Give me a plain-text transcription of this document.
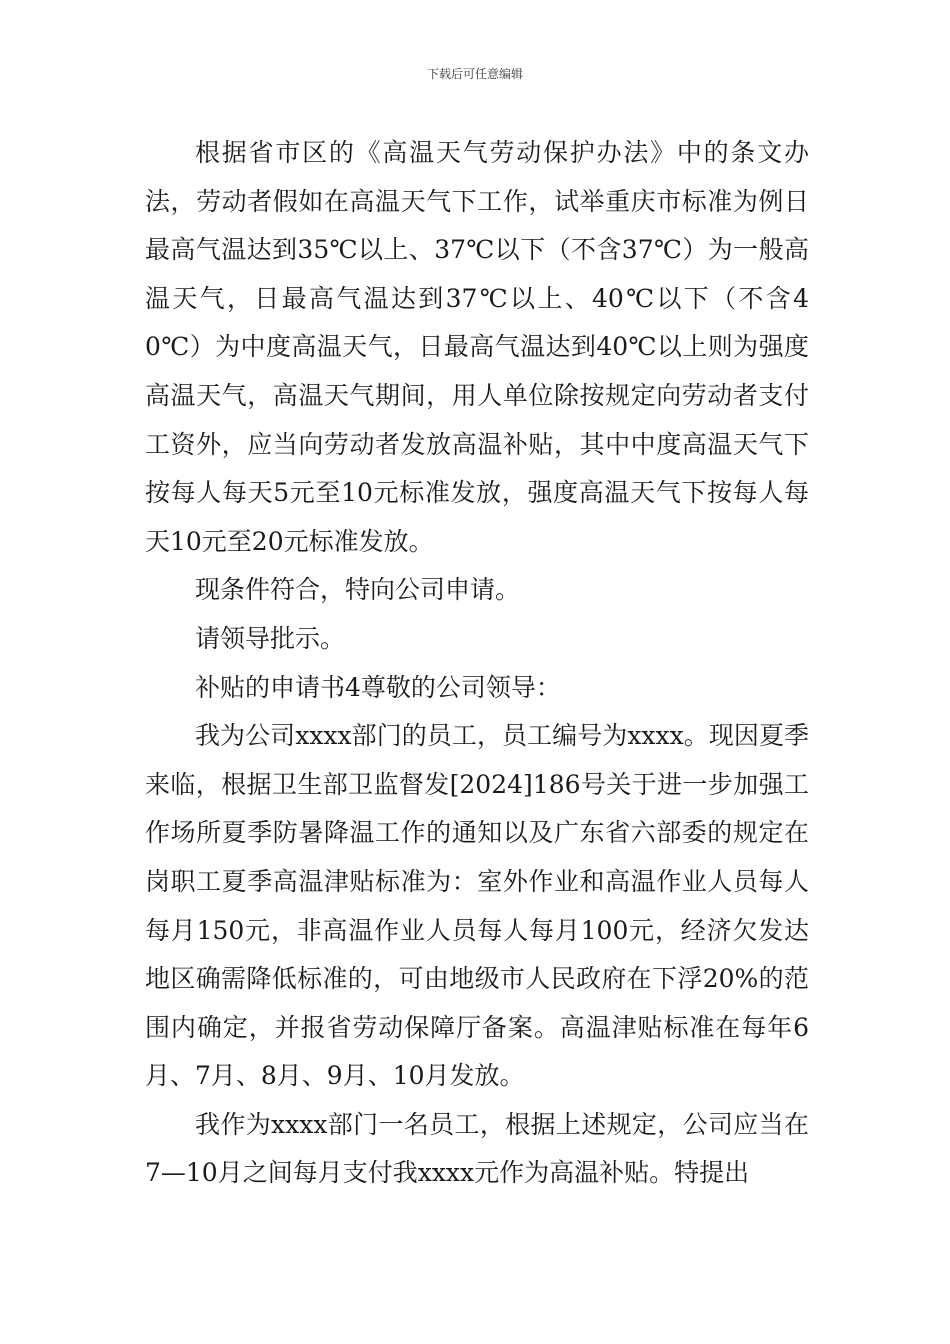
下载后可任意编辑

根据省市区的《高温天气劳动保护办法》中的条文办法，劳动者假如在高温天气下工作，试举重庆市标准为例日最高气温达到35℃以上、37℃以下（不含37℃）为一般高温天气，日最高气温达到37℃以上、40℃以下（不含40℃）为中度高温天气，日最高气温达到40℃以上则为强度高温天气，高温天气期间，用人单位除按规定向劳动者支付工资外，应当向劳动者发放高温补贴，其中中度高温天气下按每人每天5元至10元标准发放，强度高温天气下按每人每天10元至20元标准发放。

现条件符合，特向公司申请。

请领导批示。

补贴的申请书4尊敬的公司领导：

我为公司xxxx部门的员工，员工编号为xxxx。现因夏季来临，根据卫生部卫监督发[2024]186号关于进一步加强工作场所夏季防暑降温工作的通知以及广东省六部委的规定在岗职工夏季高温津贴标准为：室外作业和高温作业人员每人每月150元，非高温作业人员每人每月100元，经济欠发达地区确需降低标准的，可由地级市人民政府在下浮20%的范围内确定，并报省劳动保障厅备案。高温津贴标准在每年6月、7月、8月、9月、10月发放。

我作为xxxx部门一名员工，根据上述规定，公司应当在7—10月之间每月支付我xxxx元作为高温补贴。特提出
